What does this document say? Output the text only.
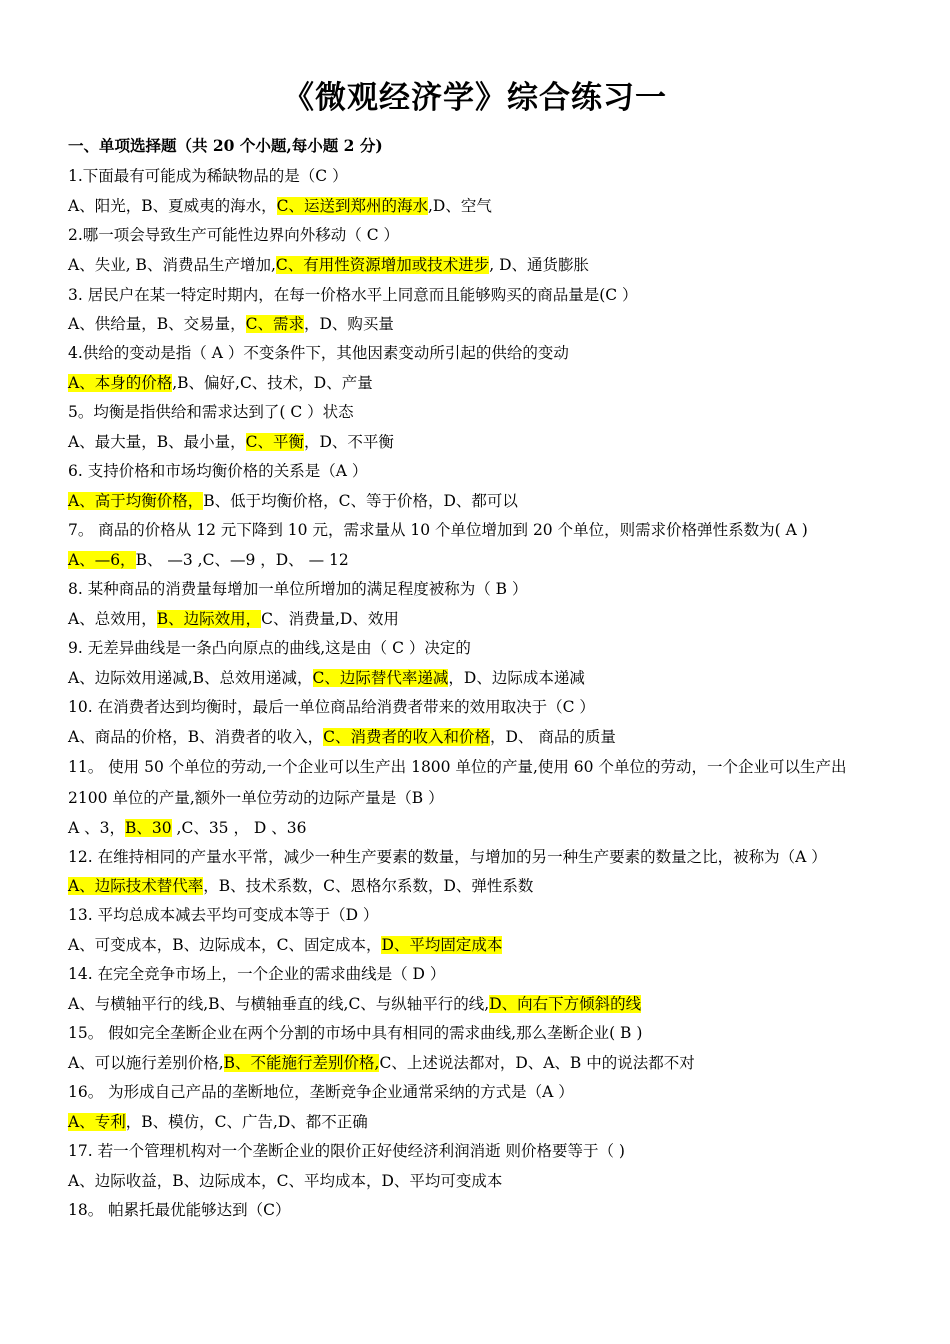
《微观经济学》综合练习一
一、单项选择题（共 20 个小题,每小题 2 分)
1.下面最有可能成为稀缺物品的是（C ）
A、阳光，B、夏威夷的海水，C、运送到郑州的海水,D、空气
2.哪一项会导致生产可能性边界向外移动（ C ）
A、失业, B、消费品生产增加,C、有用性资源增加或技术进步, D、通货膨胀
3. 居民户在某一特定时期内，在每一价格水平上同意而且能够购买的商品量是(C ）
A、供给量，B、交易量，C、需求，D、购买量
4.供给的变动是指（ A ）不变条件下，其他因素变动所引起的供给的变动
A、本身的价格,B、偏好,C、技术，D、产量
5。均衡是指供给和需求达到了( C ）状态
A、最大量，B、最小量，C、平衡，D、不平衡
6. 支持价格和市场均衡价格的关系是（A ）
A、高于均衡价格，B、低于均衡价格，C、等于价格，D、都可以
7。 商品的价格从 12 元下降到 10 元，需求量从 10 个单位增加到 20 个单位，则需求价格弹性系数为( A )
A、—6，B、 —3 ,C、—9 ，D、 — 12
8. 某种商品的消费量每增加一单位所增加的满足程度被称为（ B ）
A、总效用，B、边际效用，C、消费量,D、效用
9. 无差异曲线是一条凸向原点的曲线,这是由（ C ）决定的
A、边际效用递减,B、总效用递减，C、边际替代率递减，D、边际成本递减
10. 在消费者达到均衡时，最后一单位商品给消费者带来的效用取决于（C ）
A、商品的价格，B、消费者的收入，C、消费者的收入和价格，D、 商品的质量
11。 使用 50 个单位的劳动,一个企业可以生产出 1800 单位的产量,使用 60 个单位的劳动，一个企业可以生产出
2100 单位的产量,额外一单位劳动的边际产量是（B ）
A 、3，B、30 ,C、35 ， D 、36
12. 在维持相同的产量水平常，减少一种生产要素的数量，与增加的另一种生产要素的数量之比，被称为（A ）
A、边际技术替代率，B、技术系数，C、恩格尔系数，D、弹性系数
13. 平均总成本减去平均可变成本等于（D ）
A、可变成本，B、边际成本，C、固定成本，D、平均固定成本
14. 在完全竞争市场上，一个企业的需求曲线是（ D ）
A、与横轴平行的线,B、与横轴垂直的线,C、与纵轴平行的线,D、向右下方倾斜的线
15。 假如完全垄断企业在两个分割的市场中具有相同的需求曲线,那么垄断企业( B )
A、可以施行差别价格,B、不能施行差别价格,C、上述说法都对，D、A、B 中的说法都不对
16。 为形成自己产品的垄断地位，垄断竞争企业通常采纳的方式是（A ）
A、专利，B、模仿，C、广告,D、都不正确
17. 若一个管理机构对一个垄断企业的限价正好使经济利润消逝 则价格要等于（ )
A、边际收益，B、边际成本，C、平均成本，D、平均可变成本
18。 帕累托最优能够达到（C）
